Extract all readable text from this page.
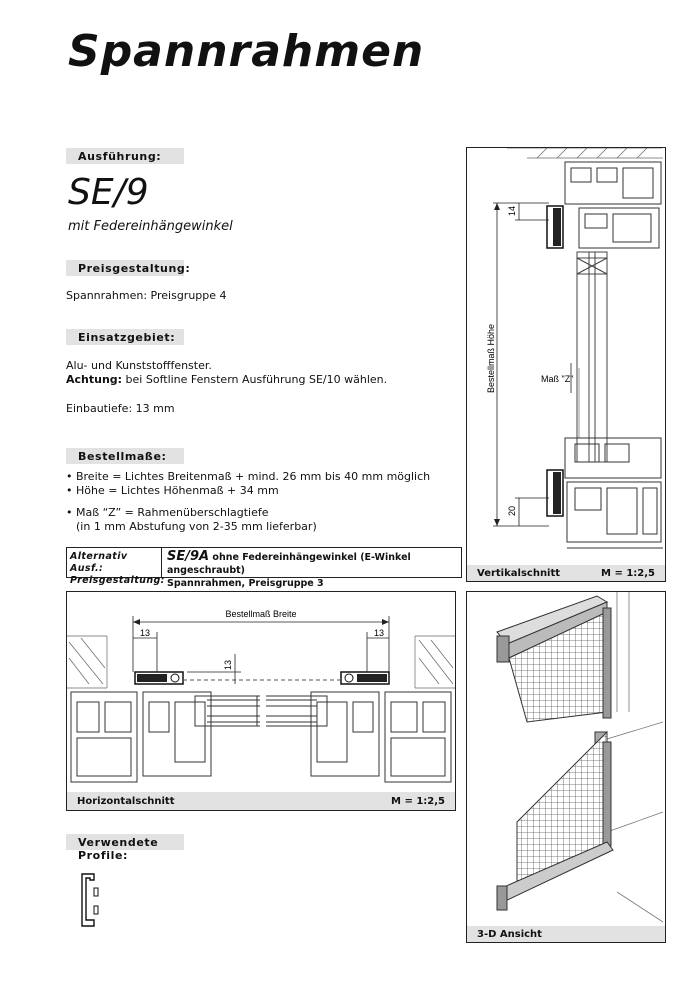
Spannrahmen
Ausführung:
SE/9
mit Federeinhängewinkel
Preisgestaltung:
Spannrahmen: Preisgruppe 4
Einsatzgebiet:
Alu- und Kunststofffenster.
Achtung: bei Softline Fenstern Ausführung SE/10 wählen.
Einbautiefe: 13 mm
Bestellmaße:
• Breite = Lichtes Breitenmaß + mind. 26 mm bis 40 mm möglich
• Höhe = Lichtes Höhenmaß + 34 mm
• Maß “Z” = Rahmenüberschlagtiefe
(in 1 mm Abstufung von 2-35 mm lieferbar)
Alternativ Ausf.:
Preisgestaltung:
SE/9A ohne Federeinhängewinkel (E-Winkel angeschraubt)
Spannrahmen, Preisgruppe 3
Bestellmaß Höhe
14
20
Maß "Z"
Vertikalschnitt	M = 1:2,5
Bestellmaß Breite
13	13
13
Horizontalschnitt	M = 1:2,5
3-D Ansicht
Verwendete Profile:
